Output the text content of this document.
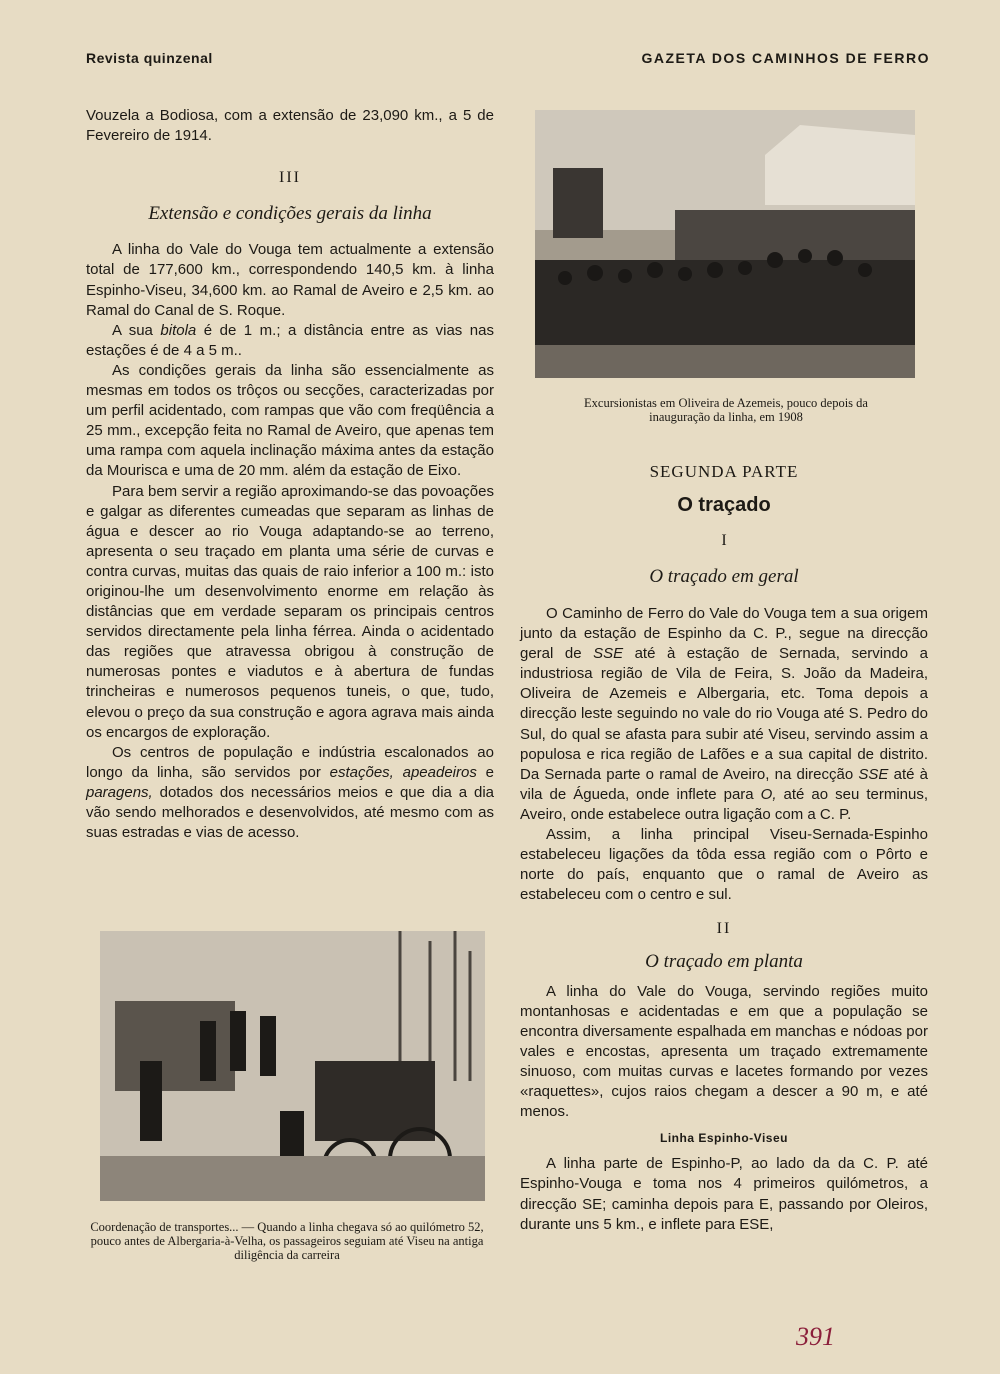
Revista quinzenal	GAZETA DOS CAMINHOS DE FERRO

Vouzela a Bodiosa, com a extensão de 23,090 km., a 5 de Fevereiro de 1914.

III
Extensão e condições gerais da linha

A linha do Vale do Vouga tem actualmente a extensão total de 177,600 km., correspondendo 140,5 km. à linha Espinho-Viseu, 34,600 km. ao Ramal de Aveiro e 2,5 km. ao Ramal do Canal de S. Roque.

A sua bitola é de 1 m.; a distância entre as vias nas estações é de 4 a 5 m..

As condições gerais da linha são essencialmente as mesmas em todos os trôços ou secções, caracterizadas por um perfil acidentado, com rampas que vão com freqüência a 25 mm., excepção feita no Ramal de Aveiro, que apenas tem uma rampa com aquela inclinação máxima antes da estação da Mourisca e uma de 20 mm. além da estação de Eixo.

Para bem servir a região aproximando-se das povoações e galgar as diferentes cumeadas que separam as linhas de água e descer ao rio Vouga adaptando-se ao terreno, apresenta o seu traçado em planta uma série de curvas e contra curvas, muitas das quais de raio inferior a 100 m.: isto originou-lhe um desenvolvimento enorme em relação às distâncias que em verdade separam os principais centros servidos directamente pela linha férrea. Ainda o acidentado das regiões que atravessa obrigou à construção de numerosas pontes e viadutos e à abertura de fundas trincheiras e numerosos pequenos tuneis, o que, tudo, elevou o preço da sua construção e agora agrava mais ainda os encargos de exploração.

Os centros de população e indústria escalonados ao longo da linha, são servidos por estações, apeadeiros e paragens, dotados dos necessários meios e que dia a dia vão sendo melhorados e desenvolvidos, até mesmo com as suas estradas e vias de acesso.

Excursionistas em Oliveira de Azemeis, pouco depois da inauguração da linha, em 1908
SEGUNDA PARTE
O traçado
I
O traçado em geral

O Caminho de Ferro do Vale do Vouga tem a sua origem junto da estação de Espinho da C. P., segue na direcção geral de SSE até à estação de Sernada, servindo a industriosa região de Vila de Feira, S. João da Madeira, Oliveira de Azemeis e Albergaria, etc. Toma depois a direcção leste seguindo no vale do rio Vouga até S. Pedro do Sul, do qual se afasta para subir até Viseu, servindo assim a populosa e rica região de Lafões e a sua capital de distrito. Da Sernada parte o ramal de Aveiro, na direcção SSE até à vila de Águeda, onde inflete para O, até ao seu terminus, Aveiro, onde estabelece outra ligação com a C. P.

Assim, a linha principal Viseu-Sernada-Espinho estabeleceu ligações da tôda essa região com o Pôrto e norte do país, enquanto que o ramal de Aveiro as estabeleceu com o centro e sul.

II
O traçado em planta

A linha do Vale do Vouga, servindo regiões muito montanhosas e acidentadas e em que a população se encontra diversamente espalhada em manchas e nódoas por vales e encostas, apresenta um traçado extremamente sinuoso, com muitas curvas e lacetes formando por vezes «raquettes», cujos raios chegam a descer a 90 m, e até menos.

Linha Espinho-Viseu

A linha parte de Espinho-P, ao lado da da C. P. até Espinho-Vouga e toma nos 4 primeiros quilómetros, a direcção SE; caminha depois para E, passando por Oleiros, durante uns 5 km., e inflete para ESE,

Coordenação de transportes... — Quando a linha chegava só ao quilómetro 52, pouco antes de Albergaria-à-Velha, os passageiros seguiam até Viseu na antiga diligência da carreira
391
